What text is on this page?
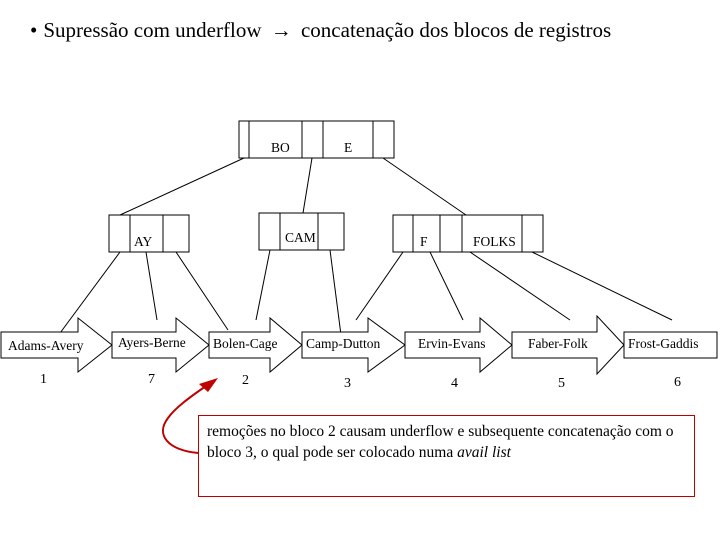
• Supressão com underflow → concatenação dos blocos de registros
BO	E
AY	CAM	F	FOLKS
Adams-Avery	Ayers-Berne Bolen-Cage Camp-Dutton	Ervin-Evans	Faber-Folk	Frost-Gaddis
1	7	2	3	4	5	6
remoções no bloco 2 causam underflow e subsequente concatenação com o bloco 3, o qual pode ser colocado numa avail list
